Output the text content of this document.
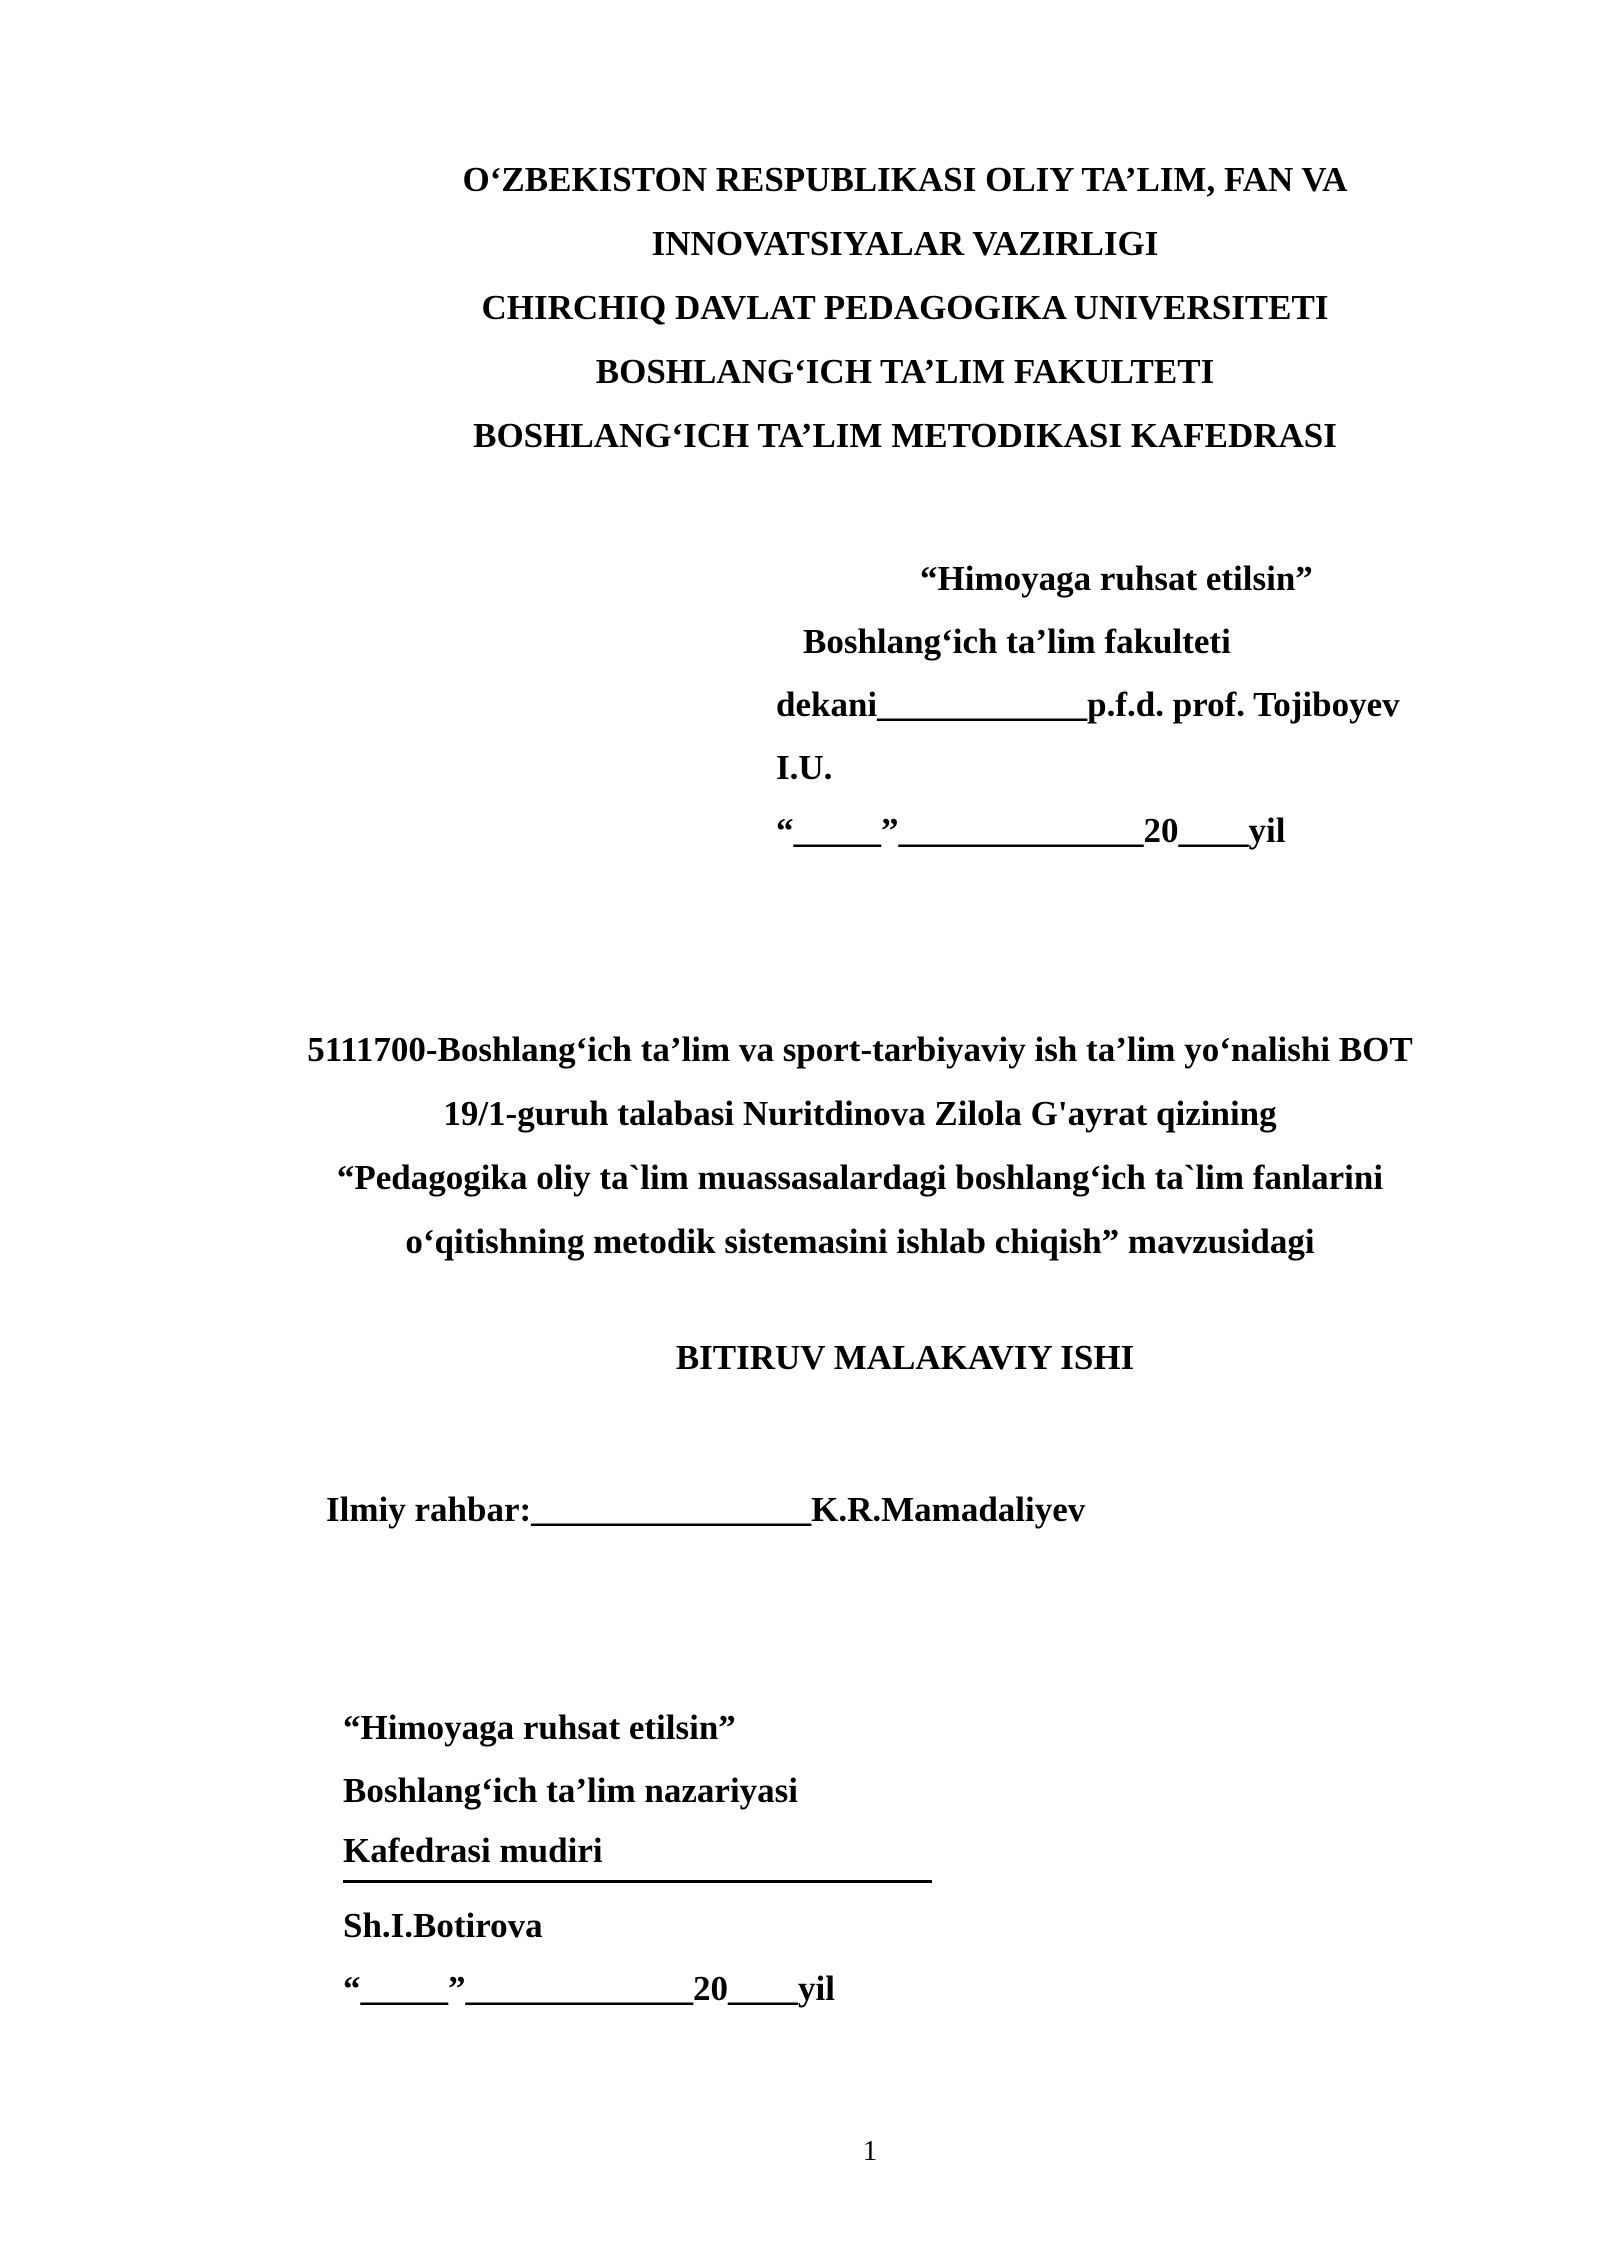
O‘ZBEKISTON RESPUBLIKASI OLIY TA’LIM, FAN VA
INNOVATSIYALAR VAZIRLIGI
CHIRCHIQ DAVLAT PEDAGOGIKA UNIVERSITETI
BOSHLANG‘ICH TA’LIM FAKULTETI
BOSHLANG‘ICH TA’LIM METODIKASI KAFEDRASI
“Himoyaga ruhsat etilsin”
Boshlang‘ich ta’lim fakulteti
dekani____________p.f.d. prof. Tojiboyev
I.U.
“_____”______________20____yil
5111700-Boshlang‘ich ta’lim va sport-tarbiyaviy ish ta’lim yo‘nalishi BOT
19/1-guruh talabasi Nuritdinova Zilola G'ayrat qizining
“Pedagogika oliy ta`lim muassasalardagi boshlang‘ich ta`lim fanlarini
o‘qitishning metodik sistemasini ishlab chiqish” mavzusidagi
BITIRUV MALAKAVIY ISHI
Ilmiy rahbar:________________K.R.Mamadaliyev
“Himoyaga ruhsat etilsin”
Boshlang‘ich ta’lim nazariyasi
Kafedrasi mudiri
Sh.I.Botirova
“_____”_____________20____yil
1
